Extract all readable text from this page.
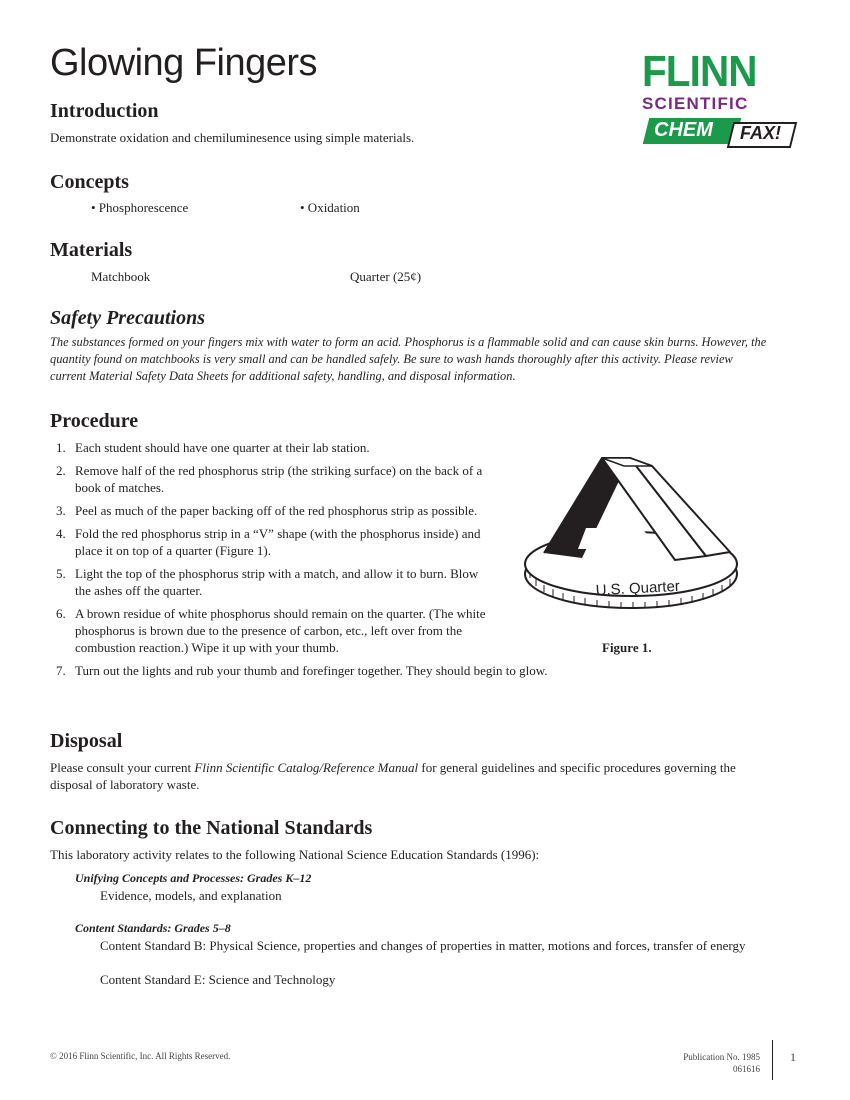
Glowing Fingers	FLINN
SCIENTIFIC
CHEM FAX!
Introduction
Demonstrate oxidation and chemiluminesence using simple materials.
Concepts
• Phosphorescence	• Oxidation
Materials
Matchbook	Quarter (25¢)
Safety Precautions
The substances formed on your fingers mix with water to form an acid. Phosphorus is a flammable solid and can cause skin burns. However, the quantity found on matchbooks is very small and can be handled safely. Be sure to wash hands thoroughly after this activity. Please review current Material Safety Data Sheets for additional safety, handling, and disposal information.
Procedure
1. Each student should have one quarter at their lab station.
2. Remove half of the red phosphorus strip (the striking surface) on the back of a book of matches.
3. Peel as much of the paper backing off of the red phosphorus strip as possible.
4. Fold the red phosphorus strip in a “V” shape (with the phosphorus inside) and place it on top of a quarter (Figure 1).
5. Light the top of the phosphorus strip with a match, and allow it to burn. Blow the ashes off the quarter.
6. A brown residue of white phosphorus should remain on the quarter. (The white phosphorus is brown due to the presence of carbon, etc., left over from the combustion reaction.) Wipe it up with your thumb.
7. Turn out the lights and rub your thumb and forefinger together. They should begin to glow.
U.S. Quarter
Figure 1.
Disposal
Please consult your current Flinn Scientific Catalog/Reference Manual for general guidelines and specific procedures governing the disposal of laboratory waste.
Connecting to the National Standards
This laboratory activity relates to the following National Science Education Standards (1996):
Unifying Concepts and Processes: Grades K–12
Evidence, models, and explanation
Content Standards: Grades 5–8
Content Standard B: Physical Science, properties and changes of properties in matter, motions and forces, transfer of energy
Content Standard E: Science and Technology
© 2016 Flinn Scientific, Inc. All Rights Reserved.	Publication No. 1985
061616
1
